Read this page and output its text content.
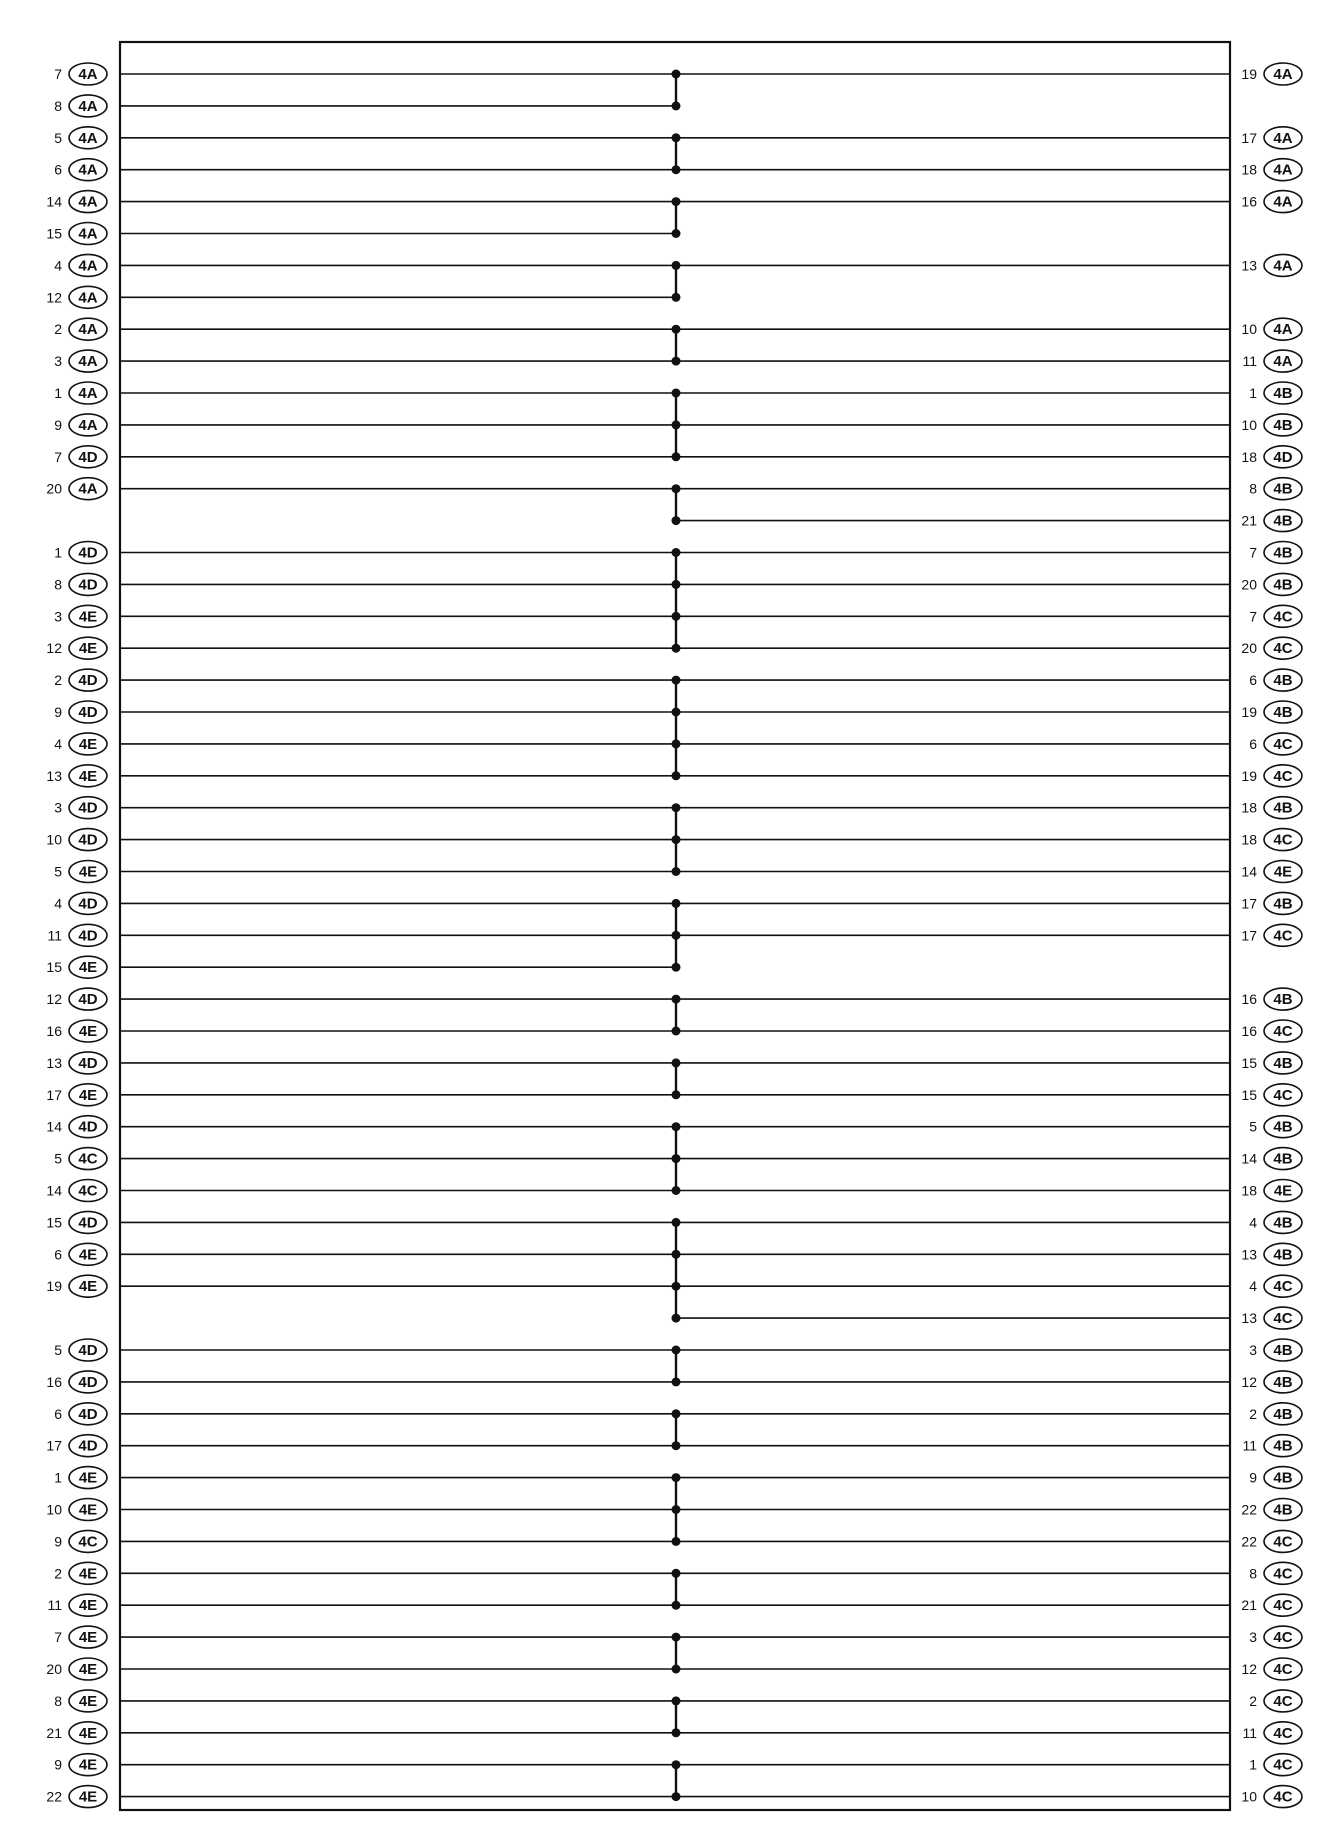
7 4A
8 4A
5 4A
6 4A
14 4A
15 4A
4 4A
12 4A
2 4A
3 4A
1 4A
9 4A
7 4D
20 4A
1 4D
8 4D
3 4E
12 4E
2 4D
9 4D
4 4E
13 4E
3 4D
10 4D
5 4E
4 4D
11 4D
15 4E
12 4D
16 4E
13 4D
17 4E
14 4D
5 4C
14 4C
15 4D
6 4E
19 4E
5 4D
16 4D
6 4D
17 4D
1 4E
10 4E
9 4C
2 4E
11 4E
7 4E
20 4E
8 4E
21 4E
9 4E
22 4E
19 4A
17 4A
18 4A
16 4A
13 4A
10 4A
11 4A
1 4B
10 4B
18 4D
8 4B
21 4B
7 4B
20 4B
7 4C
20 4C
6 4B
19 4B
6 4C
19 4C
18 4B
18 4C
14 4E
17 4B
17 4C
16 4B
16 4C
15 4B
15 4C
5 4B
14 4B
18 4E
4 4B
13 4B
4 4C
13 4C
3 4B
12 4B
2 4B
11 4B
9 4B
22 4B
22 4C
8 4C
21 4C
3 4C
12 4C
2 4C
11 4C
1 4C
10 4C
